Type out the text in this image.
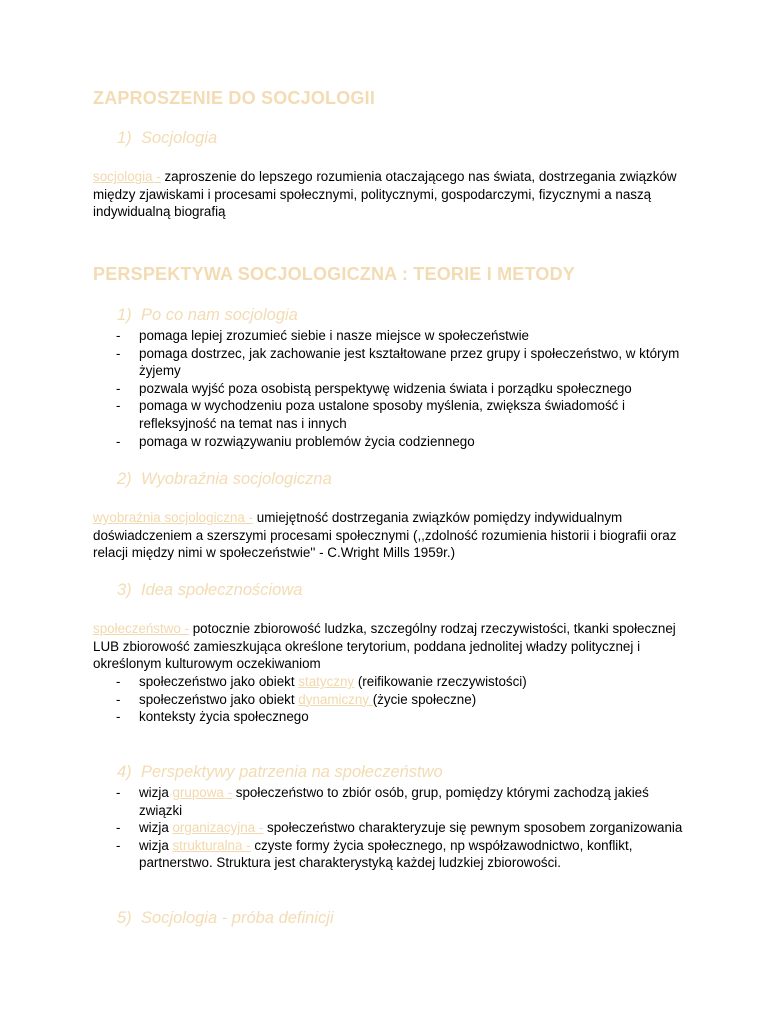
ZAPROSZENIE DO SOCJOLOGII
1) Socjologia
socjologia - zaproszenie do lepszego rozumienia otaczającego nas świata, dostrzegania związków między zjawiskami i procesami społecznymi, politycznymi, gospodarczymi, fizycznymi a naszą indywidualną biografią
PERSPEKTYWA SOCJOLOGICZNA : TEORIE I METODY
1) Po co nam socjologia
- pomaga lepiej zrozumieć siebie i nasze miejsce w społeczeństwie
- pomaga dostrzec, jak zachowanie jest kształtowane przez grupy i społeczeństwo, w którym żyjemy
- pozwala wyjść poza osobistą perspektywę widzenia świata i porządku społecznego
- pomaga w wychodzeniu poza ustalone sposoby myślenia, zwiększa świadomość i refleksyjność na temat nas i innych
- pomaga w rozwiązywaniu problemów życia codziennego
2) Wyobraźnia socjologiczna
wyobraźnia socjologiczna - umiejętność dostrzegania związków pomiędzy indywidualnym doświadczeniem a szerszymi procesami społecznymi (,,zdolność rozumienia historii i biografii oraz relacji między nimi w społeczeństwie'' - C.Wright Mills 1959r.)
3) Idea społecznościowa
społeczeństwo - potocznie zbiorowość ludzka, szczególny rodzaj rzeczywistości, tkanki społecznej LUB zbiorowość zamieszkująca określone terytorium, poddana jednolitej władzy politycznej i określonym kulturowym oczekiwaniom
- społeczeństwo jako obiekt statyczny (reifikowanie rzeczywistości)
- społeczeństwo jako obiekt dynamiczny (życie społeczne)
- konteksty życia społecznego
4) Perspektywy patrzenia na społeczeństwo
- wizja grupowa - społeczeństwo to zbiór osób, grup, pomiędzy którymi zachodzą jakieś związki
- wizja organizacyjna - społeczeństwo charakteryzuje się pewnym sposobem zorganizowania
- wizja strukturalna - czyste formy życia społecznego, np współzawodnictwo, konflikt, partnerstwo. Struktura jest charakterystyką każdej ludzkiej zbiorowości.
5) Socjologia - próba definicji
